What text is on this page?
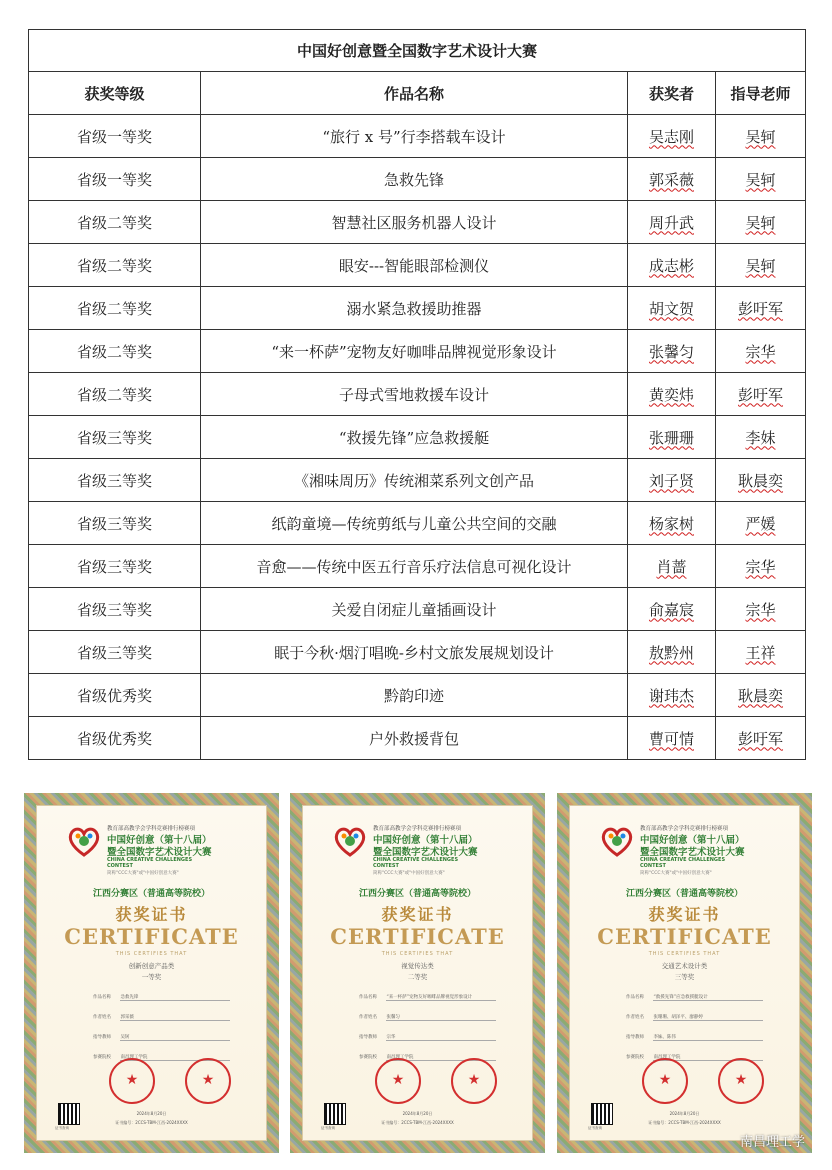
中国好创意暨全国数字艺术设计大赛			
获奖等级	作品名称	获奖者	指导老师
省级一等奖	“旅行 x 号”行李搭载车设计	吴志刚	吴轲
省级一等奖	急救先锋	郭采薇	吴轲
省级二等奖	智慧社区服务机器人设计	周升武	吴轲
省级二等奖	眼安---智能眼部检测仪	成志彬	吴轲
省级二等奖	溺水紧急救援助推器	胡文贺	彭吁军
省级二等奖	“来一杯萨”宠物友好咖啡品牌视觉形象设计	张馨匀	宗华
省级二等奖	子母式雪地救援车设计	黄奕炜	彭吁军
省级三等奖	“救援先锋”应急救援艇	张珊珊	李妹
省级三等奖	《湘味周历》传统湘菜系列文创产品	刘子贤	耿晨奕
省级三等奖	纸韵童境—传统剪纸与儿童公共空间的交融	杨家树	严媛
省级三等奖	音愈——传统中医五行音乐疗法信息可视化设计	肖蔷	宗华
省级三等奖	关爱自闭症儿童插画设计	俞嘉宸	宗华
省级三等奖	眠于今秋·烟汀唱晚-乡村文旅发展规划设计	敖黔州	王祥
省级优秀奖	黔韵印迹	谢玮杰	耿晨奕
省级优秀奖	户外救援背包	曹可情	彭吁军
教育部高教学会学科竞赛排行榜赛项
中国好创意（第十八届）
暨全国数字艺术设计大赛
CHINA CREATIVE CHALLENGES CONTEST
简称"CCC大赛"或"中国好创意大赛"
江西分赛区（普通高等院校）
获奖证书
CERTIFICATE
THIS CERTIFIES THAT
创新创意产品类
一等奖
作品名称 急救先锋
作者姓名 郭采薇
指导教师 吴轲
参赛院校 南昌理工学院
★	★
证书查询
2024年8月20日
证书编号：2CCS-TBM-江西-2024XXXX
教育部高教学会学科竞赛排行榜赛项
中国好创意（第十八届）
暨全国数字艺术设计大赛
CHINA CREATIVE CHALLENGES CONTEST
简称"CCC大赛"或"中国好创意大赛"
江西分赛区（普通高等院校）
获奖证书
CERTIFICATE
THIS CERTIFIES THAT
视觉传达类
二等奖
作品名称 “来一杯萨”宠物友好咖啡品牌视觉形象设计
作者姓名 张馨匀
指导教师 宗华
参赛院校 南昌理工学院
★	★
证书查询
2024年8月20日
证书编号：2CCS-TBM-江西-2024XXXX
教育部高教学会学科竞赛排行榜赛项
中国好创意（第十八届）
暨全国数字艺术设计大赛
CHINA CREATIVE CHALLENGES CONTEST
简称"CCC大赛"或"中国好创意大赛"
江西分赛区（普通高等院校）
获奖证书
CERTIFICATE
THIS CERTIFIES THAT
交通艺术设计类
三等奖
作品名称 “救援先锋”应急救援艇设计
作者姓名 张珊珊、胡泽平、廖静婷
指导教师 李妹、陈伟
参赛院校 南昌理工学院
★	★
证书查询
2024年8月20日
证书编号：2CCS-TBM-江西-2024XXXX
南昌理工学
